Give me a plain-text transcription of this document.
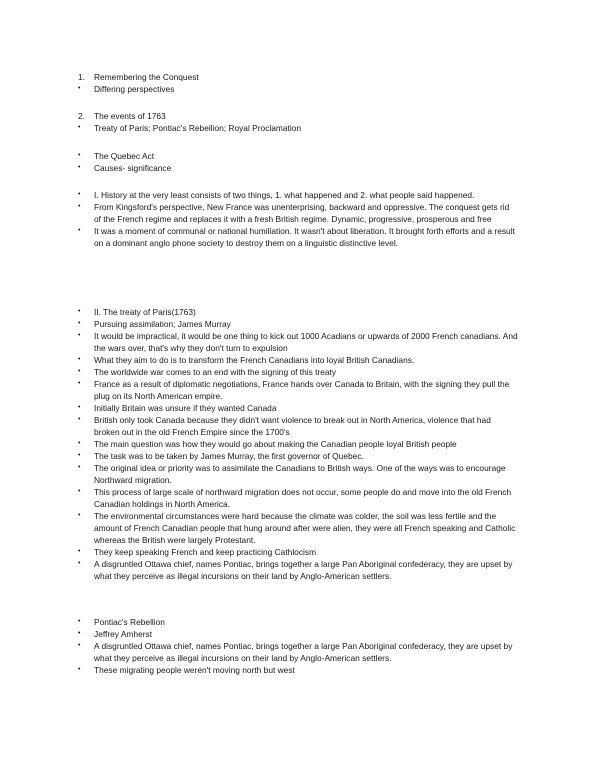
1.	Remembering the Conquest
•	Differing perspectives
2.	The events of 1763
•	Treaty of Paris; Pontiac's Rebellion; Royal Proclamation
•	The Quebec Act
•	Causes- significance
•	I. History at the very least consists of two things, 1. what happened and 2. what people said happened.
•	From Kingsford's perspective, New France was unenterprising, backward and oppressive. The conquest gets rid of the French regime and replaces it with a fresh British regime. Dynamic, progressive, prosperous and free
•	It was a moment of communal or national humiliation. It wasn't about liberation. It brought forth efforts and a result on a dominant anglo phone society to destroy them on a linguistic distinctive level.
•	II. The treaty of Paris(1763)
•	Pursuing assimilation; James Murray
•	It would be impractical, it would be one thing to kick out 1000 Acadians or upwards of 2000 French canadians. And the wars over, that's why they don't turn to expulsion
•	What they aim to do is to transform the French Canadians into loyal British Canadians.
•	The worldwide war comes to an end with the signing of this treaty
•	France as a result of diplomatic negotiations, France hands over Canada to Britain, with the signing they pull the plug on its North American empire.
•	Initially Britain was unsure if they wanted Canada
•	British only took Canada because they didn't want violence to break out in North America, violence that had broken out in the old French Empire since the 1700's
•	The main question was how they would go about making the Canadian people loyal British people
•	The task was to be taken by James Murray, the first governor of Quebec.
•	The original idea or priority was to assimilate the Canadians to British ways. One of the ways was to encourage Northward migration.
•	This process of large scale of northward migration does not occur, some people do and move into the old French Canadian holdings in North America.
•	The environmental circumstances were hard because the climate was colder, the soil was less fertile and the amount of French Canadian people that hung around after were alien, they were all French speaking and Catholic whereas the British were largely Protestant.
•	They keep speaking French and keep practicing Cathlocism
•	A disgruntled Ottawa chief, names Pontiac, brings together a large Pan Aboriginal confederacy, they are upset by what they perceive as illegal incursions on their land by Anglo-American settlers.
•	Pontiac's Rebellion
•	Jeffrey Amherst
•	A disgruntled Ottawa chief, names Pontiac, brings together a large Pan Aboriginal confederacy, they are upset by what they perceive as illegal incursions on their land by Anglo-American settlers.
•	These migrating people weren't moving north but west
